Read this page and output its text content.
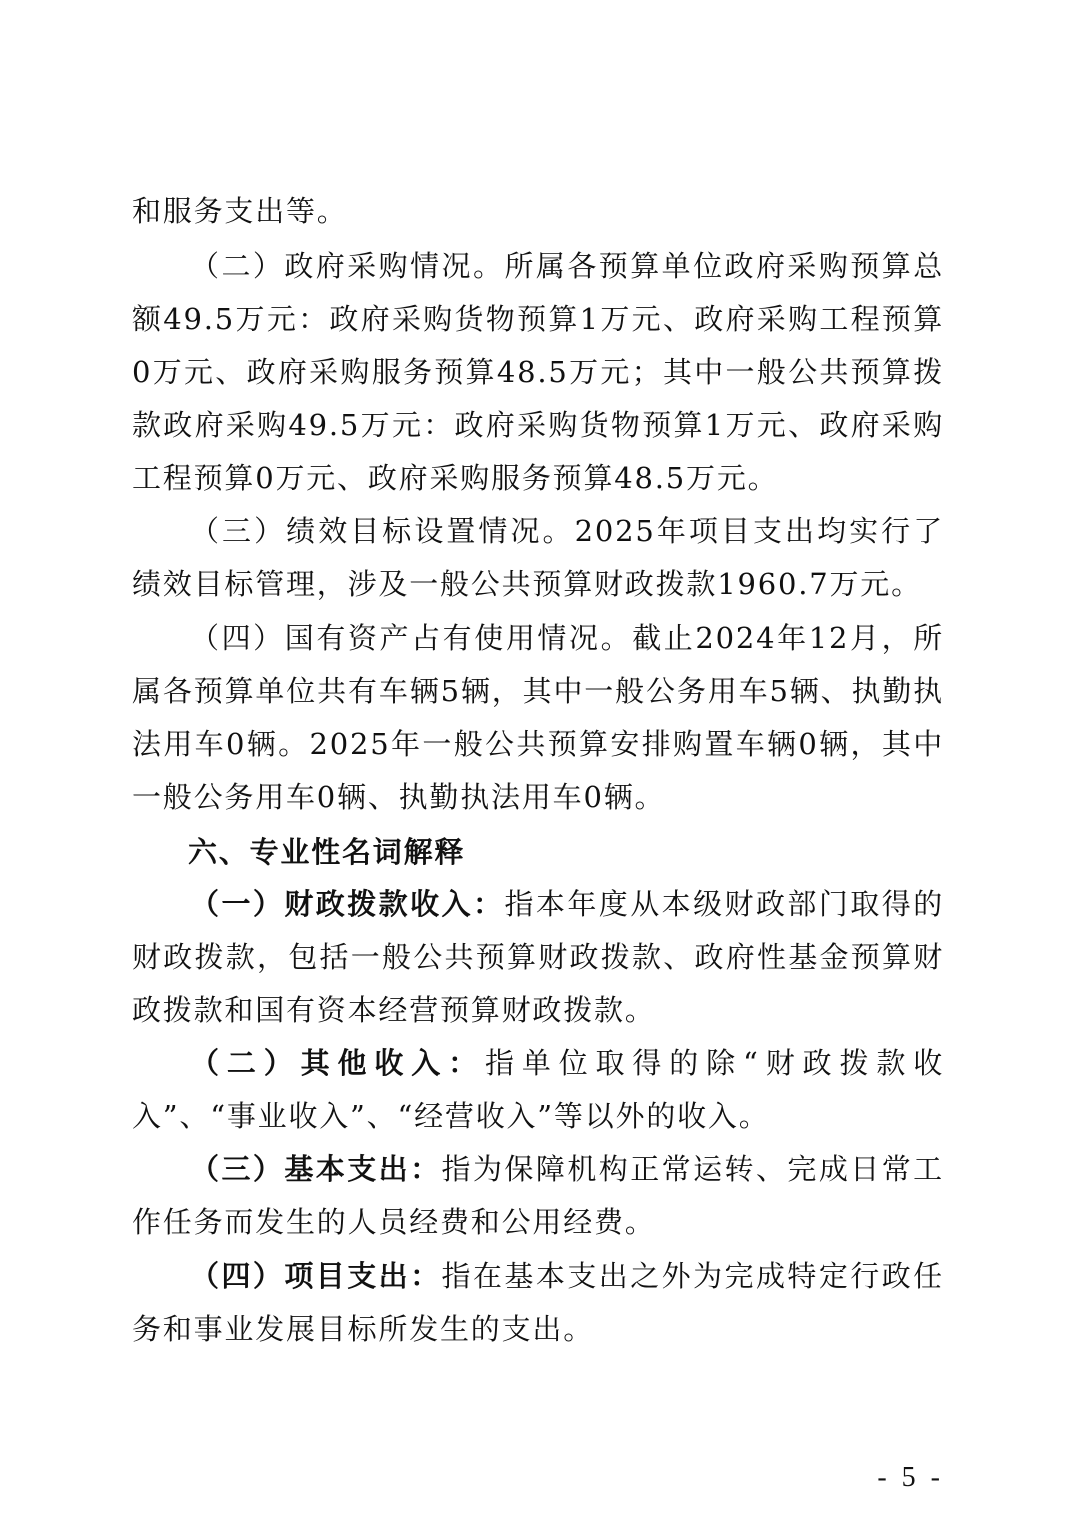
和服务支出等。

（二）政府采购情况。所属各预算单位政府采购预算总额49.5万元：政府采购货物预算1万元、政府采购工程预算0万元、政府采购服务预算48.5万元；其中一般公共预算拨款政府采购49.5万元：政府采购货物预算1万元、政府采购工程预算0万元、政府采购服务预算48.5万元。

（三）绩效目标设置情况。2025年项目支出均实行了绩效目标管理，涉及一般公共预算财政拨款1960.7万元。

（四）国有资产占有使用情况。截止2024年12月，所属各预算单位共有车辆5辆，其中一般公务用车5辆、执勤执法用车0辆。2025年一般公共预算安排购置车辆0辆，其中一般公务用车0辆、执勤执法用车0辆。

六、专业性名词解释

（一）财政拨款收入：指本年度从本级财政部门取得的财政拨款，包括一般公共预算财政拨款、政府性基金预算财政拨款和国有资本经营预算财政拨款。

（二）其他收入：指单位取得的除“财政拨款收入”、“事业收入”、“经营收入”等以外的收入。

（三）基本支出：指为保障机构正常运转、完成日常工作任务而发生的人员经费和公用经费。

（四）项目支出：指在基本支出之外为完成特定行政任务和事业发展目标所发生的支出。

- 5 -
